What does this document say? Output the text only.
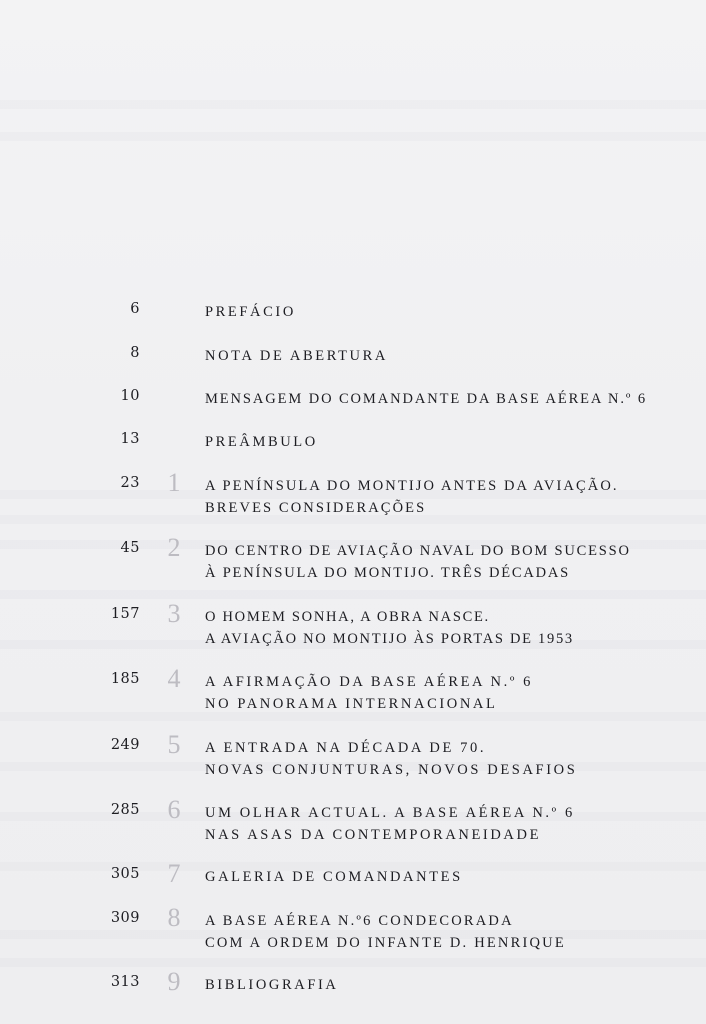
6	PREFÁCIO
8	NOTA DE ABERTURA
10	MENSAGEM DO COMANDANTE DA BASE AÉREA N.º 6
13	PREÂMBULO
23 1	A PENÍNSULA DO MONTIJO ANTES DA AVIAÇÃO.
BREVES CONSIDERAÇÕES
45 2	DO CENTRO DE AVIAÇÃO NAVAL DO BOM SUCESSO
À PENÍNSULA DO MONTIJO. TRÊS DÉCADAS
157 3	O HOMEM SONHA, A OBRA NASCE.
A AVIAÇÃO NO MONTIJO ÀS PORTAS DE 1953
185 4	A AFIRMAÇÃO DA BASE AÉREA N.º 6
NO PANORAMA INTERNACIONAL
249 5	A ENTRADA NA DÉCADA DE 70.
NOVAS CONJUNTURAS, NOVOS DESAFIOS
285 6	UM OLHAR ACTUAL. A BASE AÉREA N.º 6
NAS ASAS DA CONTEMPORANEIDADE
305 7	GALERIA DE COMANDANTES
309 8	A BASE AÉREA N.º6 CONDECORADA
COM A ORDEM DO INFANTE D. HENRIQUE
313 9	BIBLIOGRAFIA
